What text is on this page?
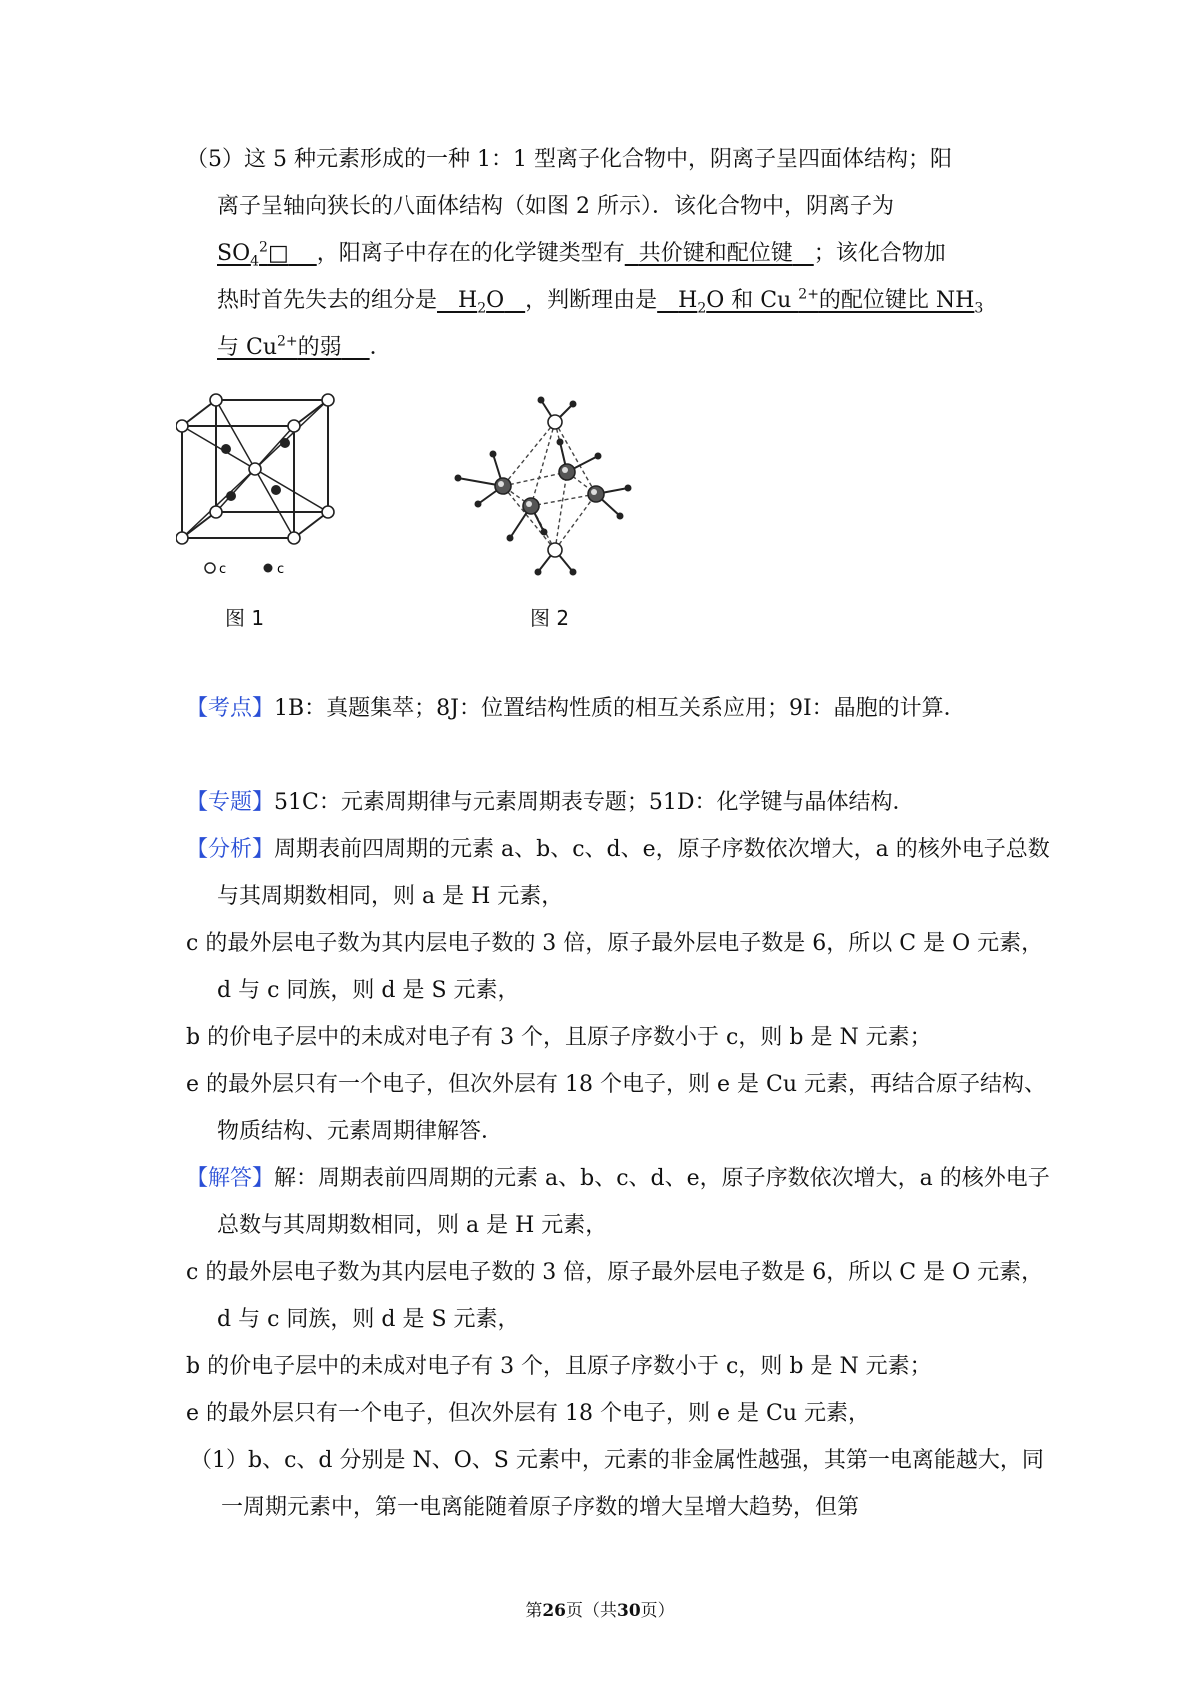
（5）这 5 种元素形成的一种 1：1 型离子化合物中，阴离子呈四面体结构；阳
离子呈轴向狭长的八面体结构（如图 2 所示）．该化合物中，阴离子为
$SO_4^2□$ ，阳离子中存在的化学键类型有 共价键和配位键 ；该化合物加
热时首先失去的组分是 $H_2O$ ，判断理由是 $H_2O$ 和 Cu $^{2+}$的配位键比 $NH_3$
与 $Cu^{2+}$的弱 ．
c	c
图 1	图 2
【考点】1B：真题集萃；8J：位置结构性质的相互关系应用；9I：晶胞的计算．
【专题】51C：元素周期律与元素周期表专题；51D：化学键与晶体结构．
【分析】周期表前四周期的元素 a、b、c、d、e，原子序数依次增大，a 的核外电子总数与其周期数相同，则 a 是 H 元素，
c 的最外层电子数为其内层电子数的 3 倍，原子最外层电子数是 6，所以 C 是 O 元素，d 与 c 同族，则 d 是 S 元素，
b 的价电子层中的未成对电子有 3 个，且原子序数小于 c，则 b 是 N 元素；
e 的最外层只有一个电子，但次外层有 18 个电子，则 e 是 Cu 元素，再结合原子结构、物质结构、元素周期律解答．
【解答】解：周期表前四周期的元素 a、b、c、d、e，原子序数依次增大，a 的核外电子总数与其周期数相同，则 a 是 H 元素，
c 的最外层电子数为其内层电子数的 3 倍，原子最外层电子数是 6，所以 C 是 O 元素，d 与 c 同族，则 d 是 S 元素，
b 的价电子层中的未成对电子有 3 个，且原子序数小于 c，则 b 是 N 元素；
e 的最外层只有一个电子，但次外层有 18 个电子，则 e 是 Cu 元素，
（1）b、c、d 分别是 N、O、S 元素中，元素的非金属性越强，其第一电离能越大，同一周期元素中，第一电离能随着原子序数的增大呈增大趋势，但第
第26页（共30页）
